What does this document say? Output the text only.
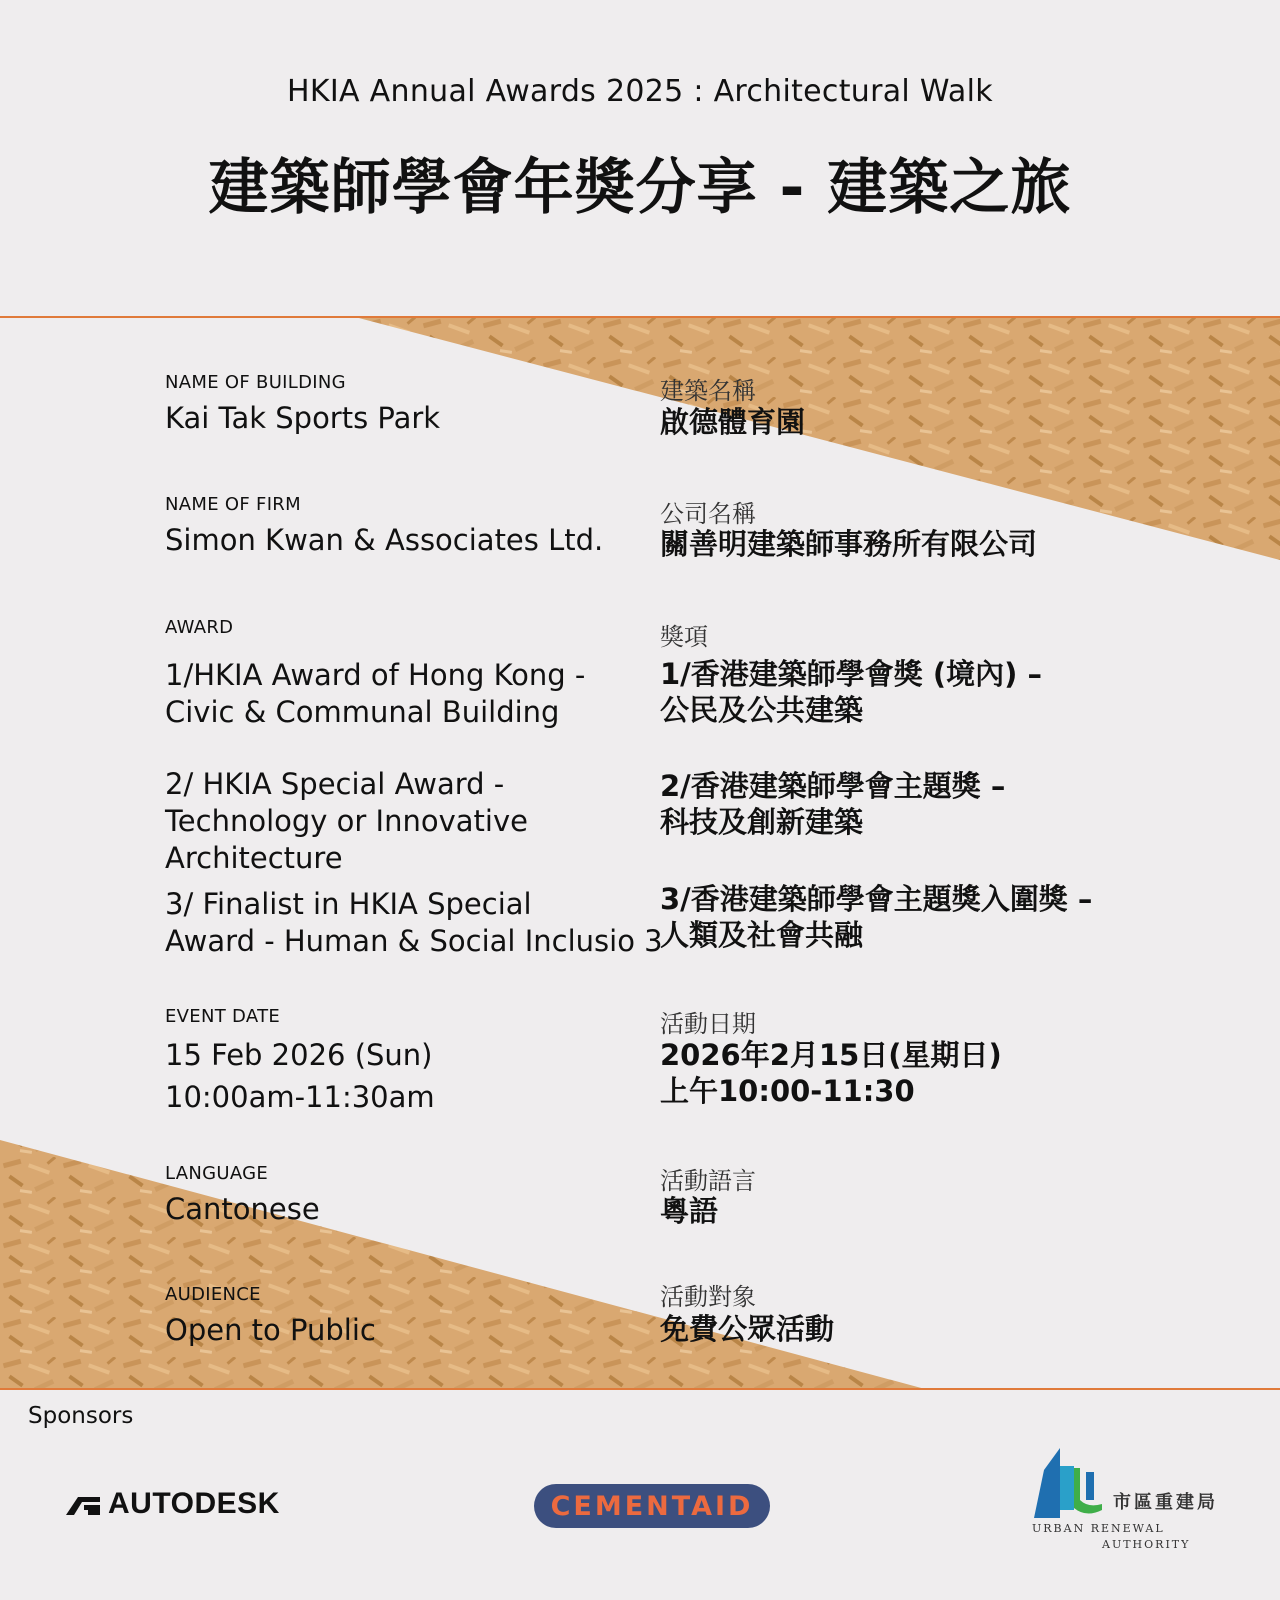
HKIA Annual Awards 2025 : Architectural Walk
建築師學會年獎分享 - 建築之旅
NAME OF BUILDING
Kai Tak Sports Park
建築名稱
啟德體育園
NAME OF FIRM
Simon Kwan & Associates Ltd.
公司名稱
關善明建築師事務所有限公司
AWARD	獎項
1/HKIA Award of Hong Kong -
Civic & Communal Building
1/香港建築師學會獎 (境內) –
公民及公共建築
2/ HKIA Special Award -
Technology or Innovative
Architecture
2/香港建築師學會主題獎 –
科技及創新建築
3/ Finalist in HKIA Special
Award - Human & Social Inclusio 3
3/香港建築師學會主題獎入圍獎 –
人類及社會共融
EVENT DATE
15 Feb 2026 (Sun)
10:00am-11:30am
活動日期
2026年2月15日(星期日)
上午10:00-11:30
LANGUAGE
Cantonese
活動語言
粵語
AUDIENCE
Open to Public
活動對象
免費公眾活動
Sponsors
AUTODESK	CEMENTAID	市區重建局
URBAN RENEWAL
AUTHORITY
